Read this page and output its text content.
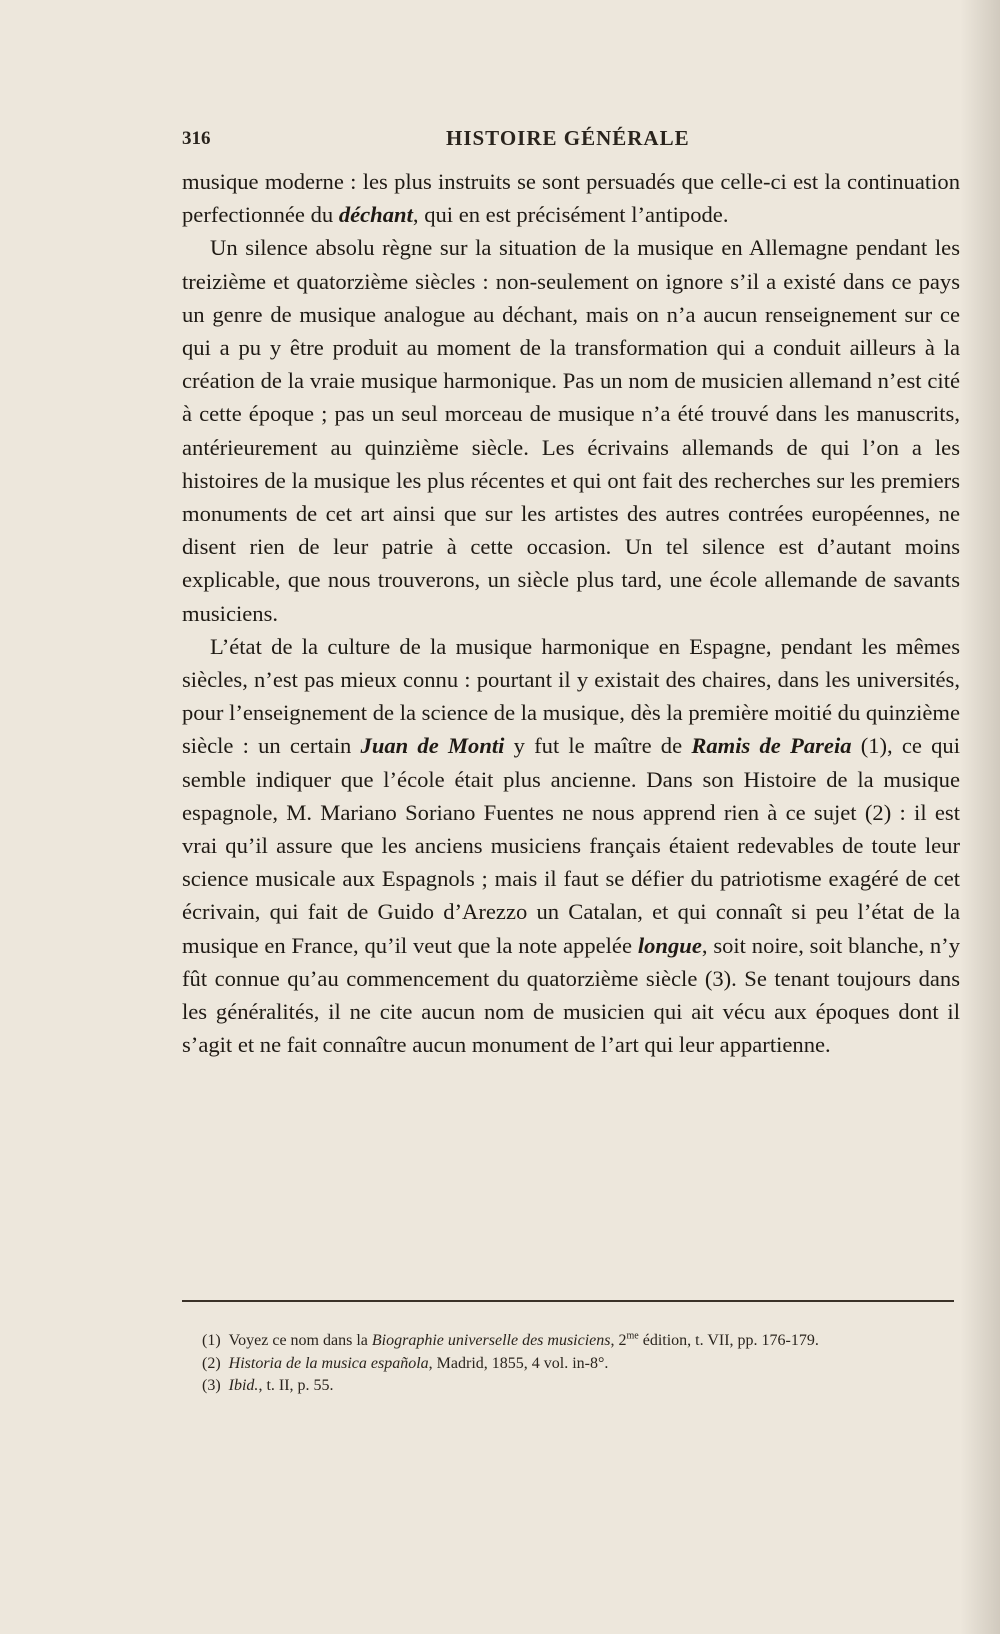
316	HISTOIRE GÉNÉRALE

musique moderne : les plus instruits se sont persuadés que celle-ci est la continuation perfectionnée du déchant, qui en est précisément l’antipode.

Un silence absolu règne sur la situation de la musique en Allemagne pendant les treizième et quatorzième siècles : non-seulement on ignore s’il a existé dans ce pays un genre de musique analogue au déchant, mais on n’a aucun renseignement sur ce qui a pu y être produit au moment de la transformation qui a conduit ailleurs à la création de la vraie musique harmonique. Pas un nom de musicien allemand n’est cité à cette époque ; pas un seul morceau de musique n’a été trouvé dans les manuscrits, antérieurement au quinzième siècle. Les écrivains allemands de qui l’on a les histoires de la musique les plus récentes et qui ont fait des recherches sur les premiers monuments de cet art ainsi que sur les artistes des autres contrées européennes, ne disent rien de leur patrie à cette occasion. Un tel silence est d’autant moins explicable, que nous trouverons, un siècle plus tard, une école allemande de savants musiciens.

L’état de la culture de la musique harmonique en Espagne, pendant les mêmes siècles, n’est pas mieux connu : pourtant il y existait des chaires, dans les universités, pour l’enseignement de la science de la musique, dès la première moitié du quinzième siècle : un certain Juan de Monti y fut le maître de Ramis de Pareia (1), ce qui semble indiquer que l’école était plus ancienne. Dans son Histoire de la musique espagnole, M. Mariano Soriano Fuentes ne nous apprend rien à ce sujet (2) : il est vrai qu’il assure que les anciens musiciens français étaient redevables de toute leur science musicale aux Espagnols ; mais il faut se défier du patriotisme exagéré de cet écrivain, qui fait de Guido d’Arezzo un Catalan, et qui connaît si peu l’état de la musique en France, qu’il veut que la note appelée longue, soit noire, soit blanche, n’y fût connue qu’au commencement du quatorzième siècle (3). Se tenant toujours dans les généralités, il ne cite aucun nom de musicien qui ait vécu aux époques dont il s’agit et ne fait connaître aucun monument de l’art qui leur appartienne.

(1) Voyez ce nom dans la Biographie universelle des musiciens, $2^{me}$ édition, t. VII, pp. 176-179.

(2) Historia de la musica española, Madrid, 1855, 4 vol. in-8°.

(3) Ibid., t. II, p. 55.
